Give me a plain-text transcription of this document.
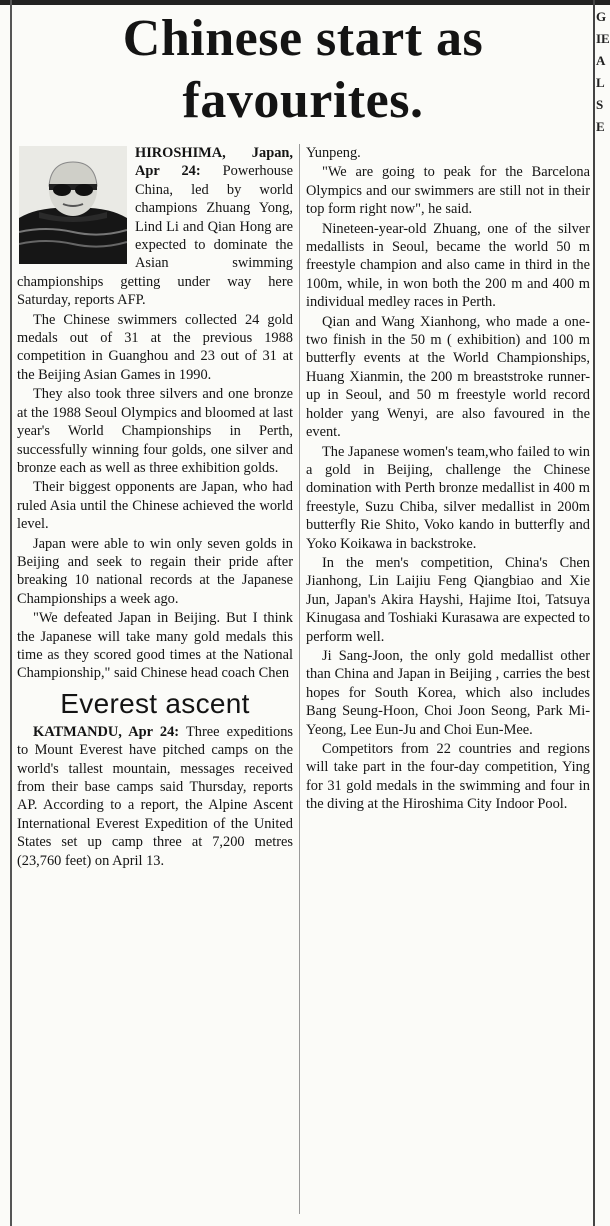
GIEALSE
Chinese start as favourites.

HIROSHIMA, Japan, Apr 24: Powerhouse China, led by world champions Zhuang Yong, Lind Li and Qian Hong are expected to dominate the Asian swimming championships getting under way here Saturday, reports AFP.

The Chinese swimmers collected 24 gold medals out of 31 at the previous 1988 competition in Guanghou and 23 out of 31 at the Beijing Asian Games in 1990.

They also took three silvers and one bronze at the 1988 Seoul Olympics and bloomed at last year's World Championships in Perth, successfully winning four golds, one silver and bronze each as well as three exhibition golds.

Their biggest opponents are Japan, who had ruled Asia until the Chinese achieved the world level.

Japan were able to win only seven golds in Beijing and seek to regain their pride after breaking 10 national records at the Japanese Championships a week ago.

"We defeated Japan in Beijing. But I think the Japanese will take many gold medals this time as they scored good times at the National Championship," said Chinese head coach Chen

Everest ascent

KATMANDU, Apr 24: Three expeditions to Mount Everest have pitched camps on the world's tallest mountain, messages received from their base camps said Thursday, reports AP. According to a report, the Alpine Ascent International Everest Expedition of the United States set up camp three at 7,200 metres (23,760 feet) on April 13.

Yunpeng.

"We are going to peak for the Barcelona Olympics and our swimmers are still not in their top form right now", he said.

Nineteen-year-old Zhuang, one of the silver medallists in Seoul, became the world 50 m freestyle champion and also came in third in the 100m, while, in won both the 200 m and 400 m individual medley races in Perth.

Qian and Wang Xianhong, who made a one-two finish in the 50 m ( exhibition) and 100 m butterfly events at the World Championships, Huang Xianmin, the 200 m breaststroke runner-up in Seoul, and 50 m freestyle world record holder yang Wenyi, are also favoured in the event.

The Japanese women's team,who failed to win a gold in Beijing, challenge the Chinese domination with Perth bronze medallist in 400 m freestyle, Suzu Chiba, silver medallist in 200m butterfly Rie Shito, Voko kando in butterfly and Yoko Koikawa in backstroke.

In the men's competition, China's Chen Jianhong, Lin Laijiu Feng Qiangbiao and Xie Jun, Japan's Akira Hayshi, Hajime Itoi, Tatsuya Kinugasa and Toshiaki Kurasawa are expected to perform well.

Ji Sang-Joon, the only gold medallist other than China and Japan in Beijing , carries the best hopes for South Korea, which also includes Bang Seung-Hoon, Choi Joon Seong, Park Mi-Yeong, Lee Eun-Ju and Choi Eun-Mee.

Competitors from 22 countries and regions will take part in the four-day competition, Ying for 31 gold medals in the swimming and four in the diving at the Hiroshima City Indoor Pool.
